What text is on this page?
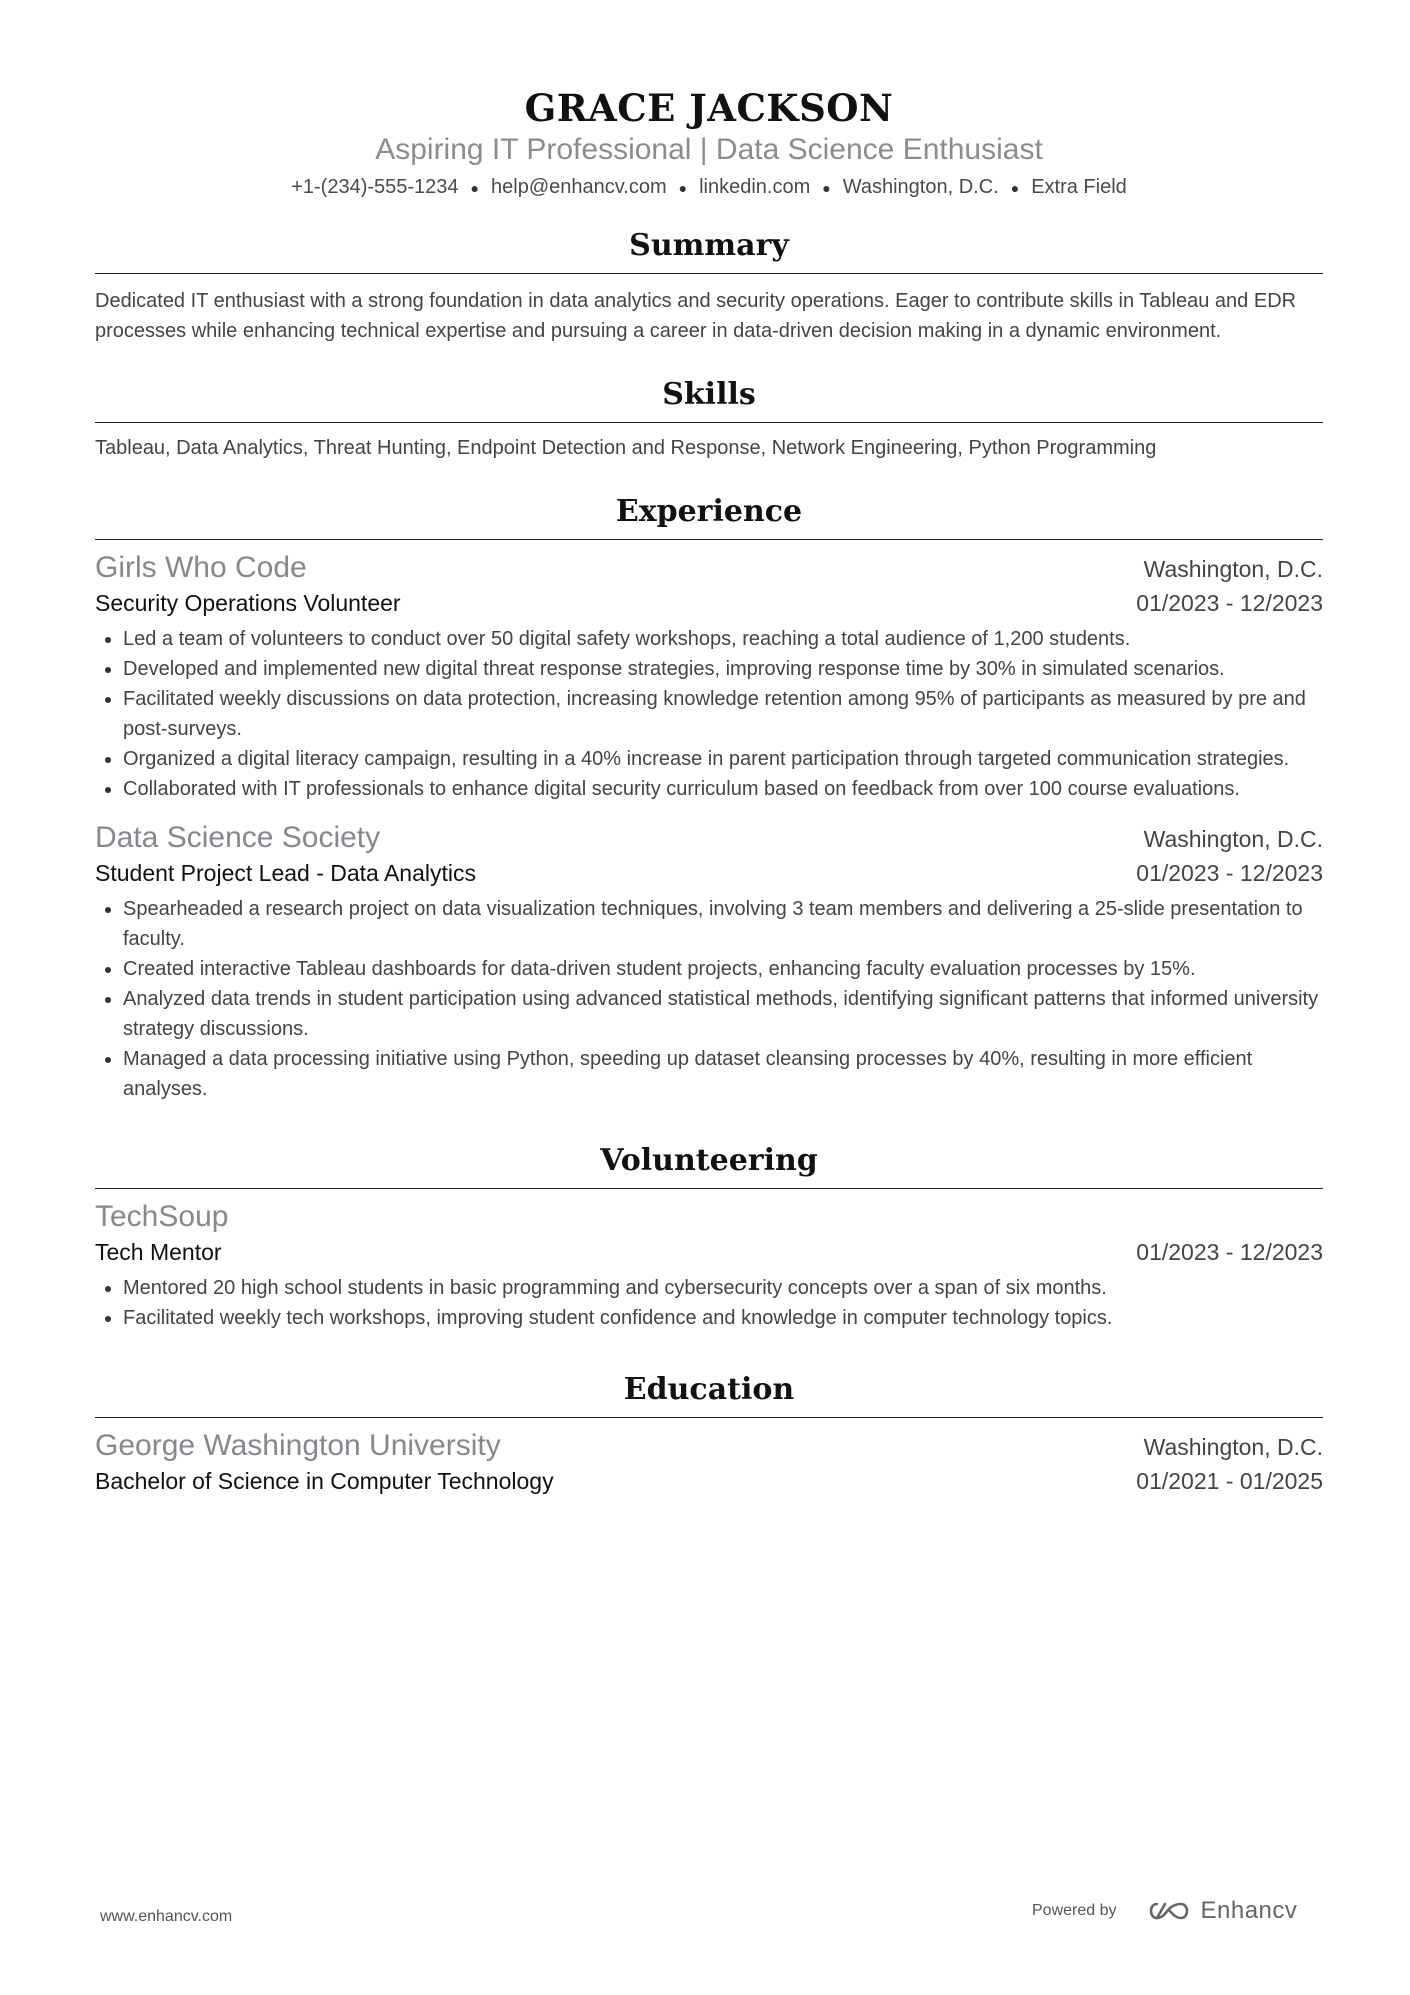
GRACE JACKSON
Aspiring IT Professional | Data Science Enthusiast
+1-(234)-555-1234 ● help@enhancv.com ● linkedin.com ● Washington, D.C. ● Extra Field
Summary
Dedicated IT enthusiast with a strong foundation in data analytics and security operations. Eager to contribute skills in Tableau and EDR processes while enhancing technical expertise and pursuing a career in data-driven decision making in a dynamic environment.
Skills
Tableau, Data Analytics, Threat Hunting, Endpoint Detection and Response, Network Engineering, Python Programming
Experience
Girls Who Code	Washington, D.C.
Security Operations Volunteer	01/2023 - 12/2023
• Led a team of volunteers to conduct over 50 digital safety workshops, reaching a total audience of 1,200 students.
• Developed and implemented new digital threat response strategies, improving response time by 30% in simulated scenarios.
• Facilitated weekly discussions on data protection, increasing knowledge retention among 95% of participants as measured by pre and post-surveys.
• Organized a digital literacy campaign, resulting in a 40% increase in parent participation through targeted communication strategies.
• Collaborated with IT professionals to enhance digital security curriculum based on feedback from over 100 course evaluations.
Data Science Society	Washington, D.C.
Student Project Lead - Data Analytics	01/2023 - 12/2023
• Spearheaded a research project on data visualization techniques, involving 3 team members and delivering a 25-slide presentation to faculty.
• Created interactive Tableau dashboards for data-driven student projects, enhancing faculty evaluation processes by 15%.
• Analyzed data trends in student participation using advanced statistical methods, identifying significant patterns that informed university strategy discussions.
• Managed a data processing initiative using Python, speeding up dataset cleansing processes by 40%, resulting in more efficient analyses.
Volunteering
TechSoup
Tech Mentor	01/2023 - 12/2023
• Mentored 20 high school students in basic programming and cybersecurity concepts over a span of six months.
• Facilitated weekly tech workshops, improving student confidence and knowledge in computer technology topics.
Education
George Washington University	Washington, D.C.
Bachelor of Science in Computer Technology	01/2021 - 01/2025
www.enhancv.com	Powered by	Enhancv
